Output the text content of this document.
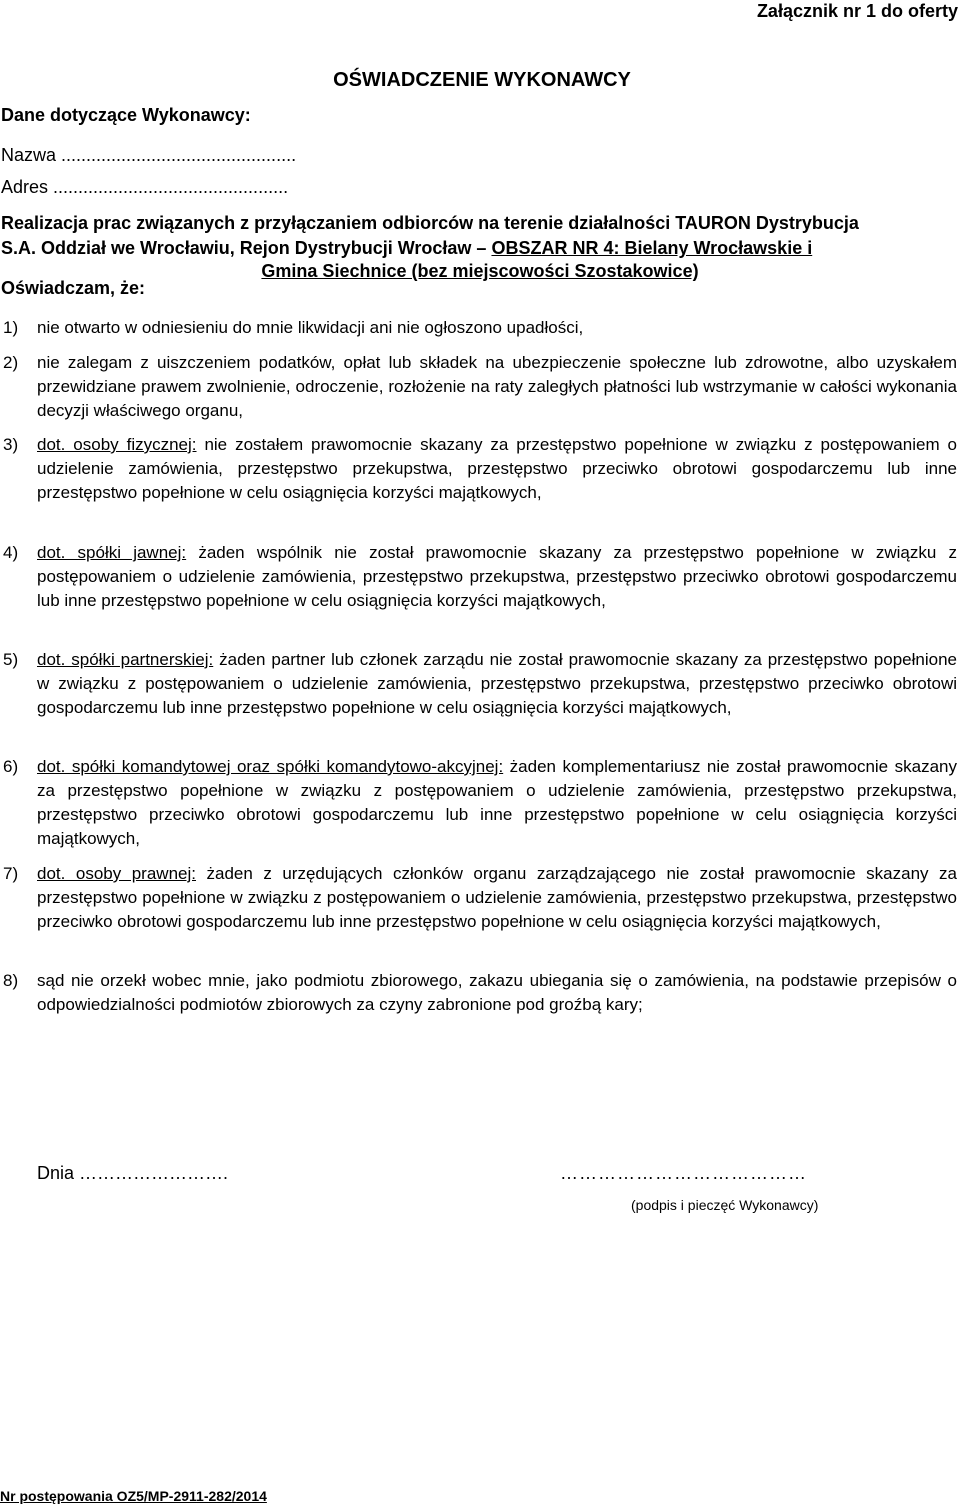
Załącznik nr 1 do oferty
OŚWIADCZENIE WYKONAWCY
Dane dotyczące Wykonawcy:
Nazwa ...............................................
Adres ...............................................
Realizacja prac związanych z przyłączaniem odbiorców na terenie działalności TAURON Dystrybucja
S.A. Oddział we Wrocławiu, Rejon Dystrybucji Wrocław – OBSZAR NR 4: Bielany Wrocławskie i
Gmina Siechnice (bez miejscowości Szostakowice)
Oświadczam, że:
1) nie otwarto w odniesieniu do mnie likwidacji ani nie ogłoszono upadłości,
2) nie zalegam z uiszczeniem podatków, opłat lub składek na ubezpieczenie społeczne lub zdrowotne, albo uzyskałem przewidziane prawem zwolnienie, odroczenie, rozłożenie na raty zaległych płatności lub wstrzymanie w całości wykonania decyzji właściwego organu,
3) dot. osoby fizycznej: nie zostałem prawomocnie skazany za przestępstwo popełnione w związku z postępowaniem o udzielenie zamówienia, przestępstwo przekupstwa, przestępstwo przeciwko obrotowi gospodarczemu lub inne przestępstwo popełnione w celu osiągnięcia korzyści majątkowych,
4) dot. spółki jawnej: żaden wspólnik nie został prawomocnie skazany za przestępstwo popełnione w związku z postępowaniem o udzielenie zamówienia, przestępstwo przekupstwa, przestępstwo przeciwko obrotowi gospodarczemu lub inne przestępstwo popełnione w celu osiągnięcia korzyści majątkowych,
5) dot. spółki partnerskiej: żaden partner lub członek zarządu nie został prawomocnie skazany za przestępstwo popełnione w związku z postępowaniem o udzielenie zamówienia, przestępstwo przekupstwa, przestępstwo przeciwko obrotowi gospodarczemu lub inne przestępstwo popełnione w celu osiągnięcia korzyści majątkowych,
6) dot. spółki komandytowej oraz spółki komandytowo-akcyjnej: żaden komplementariusz nie został prawomocnie skazany za przestępstwo popełnione w związku z postępowaniem o udzielenie zamówienia, przestępstwo przekupstwa, przestępstwo przeciwko obrotowi gospodarczemu lub inne przestępstwo popełnione w celu osiągnięcia korzyści majątkowych,
7) dot. osoby prawnej: żaden z urzędujących członków organu zarządzającego nie został prawomocnie skazany za przestępstwo popełnione w związku z postępowaniem o udzielenie zamówienia, przestępstwo przekupstwa, przestępstwo przeciwko obrotowi gospodarczemu lub inne przestępstwo popełnione w celu osiągnięcia korzyści majątkowych,
8) sąd nie orzekł wobec mnie, jako podmiotu zbiorowego, zakazu ubiegania się o zamówienia, na podstawie przepisów o odpowiedzialności podmiotów zbiorowych za czyny zabronione pod groźbą kary;
Dnia …………………….	…………………………………
(podpis i pieczęć Wykonawcy)
Nr postępowania OZ5/MP-2911-282/2014
